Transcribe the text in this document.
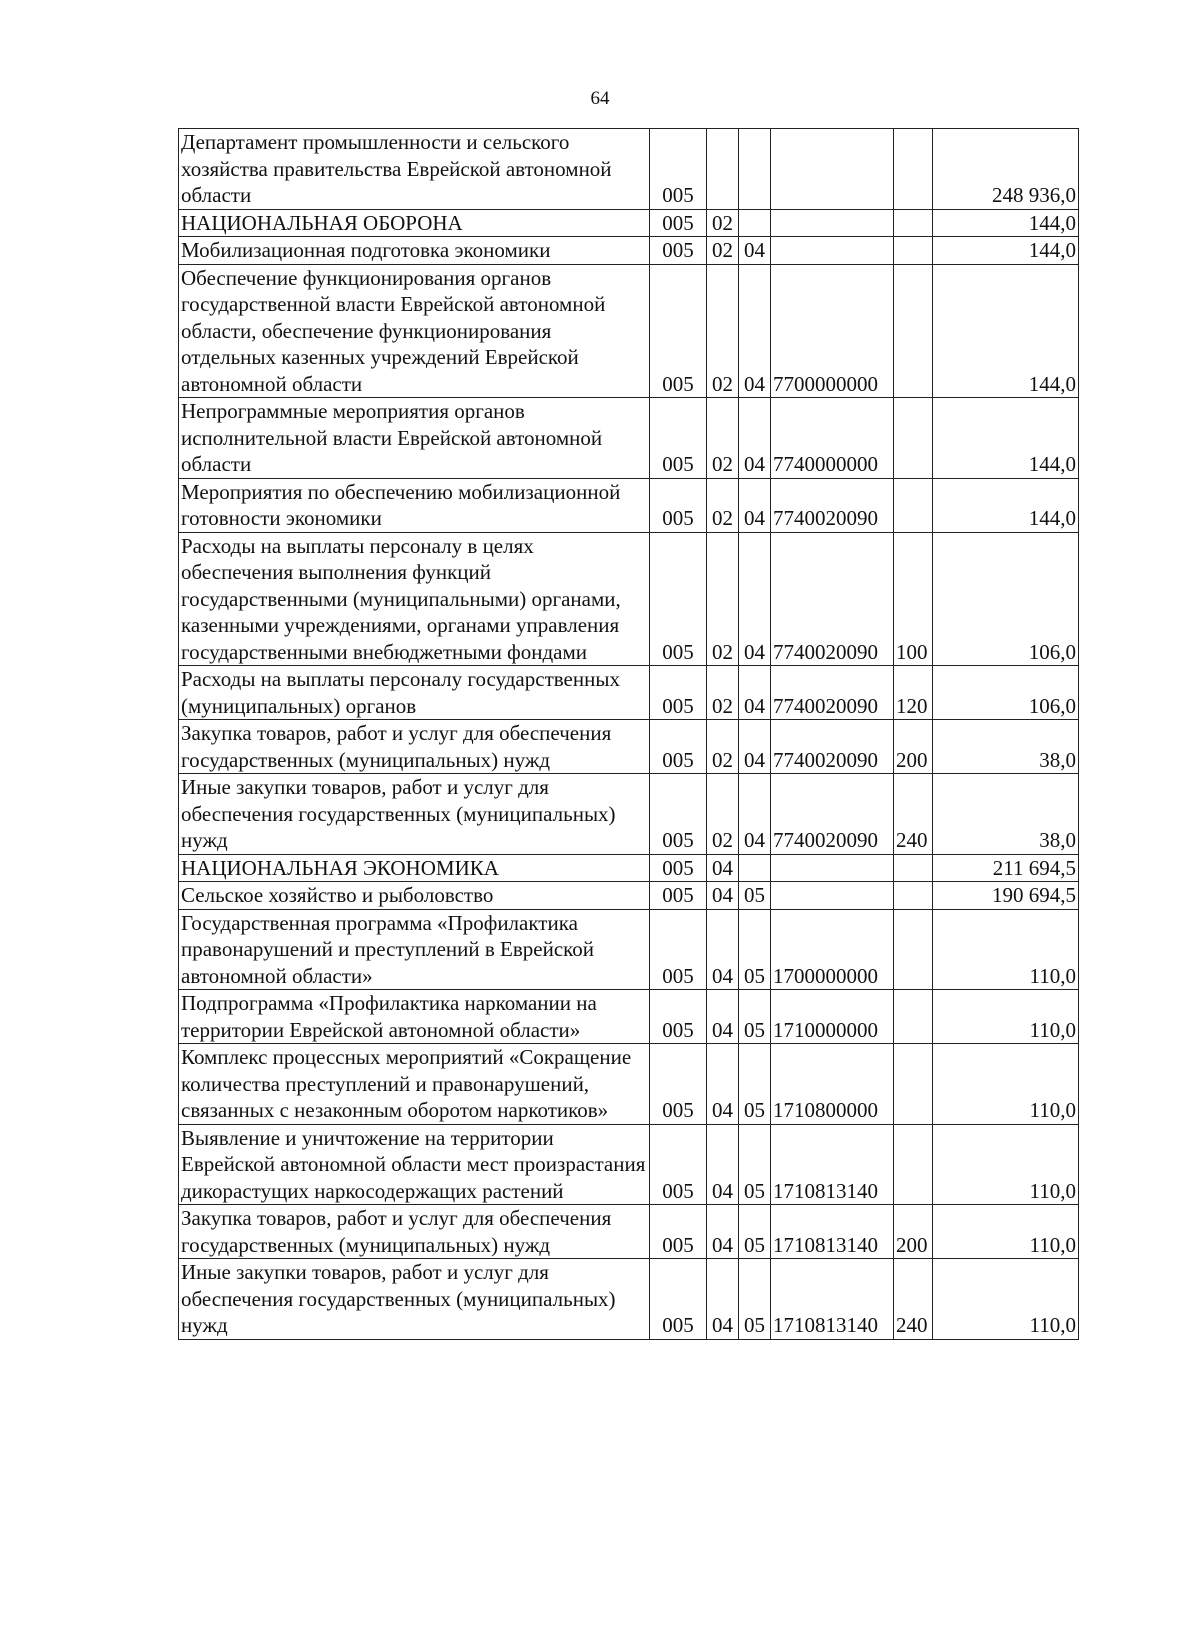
64
Департамент промышленности и сельского хозяйства правительства Еврейской автономной области	005					248 936,0
НАЦИОНАЛЬНАЯ ОБОРОНА	005	02				144,0
Мобилизационная подготовка экономики	005	02	04			144,0
Обеспечение функционирования органов государственной власти Еврейской автономной области, обеспечение функционирования отдельных казенных учреждений Еврейской автономной области	005	02	04	7700000000		144,0
Непрограммные мероприятия органов исполнительной власти Еврейской автономной области	005	02	04	7740000000		144,0
Мероприятия по обеспечению мобилизационной готовности экономики	005	02	04	7740020090		144,0
Расходы на выплаты персоналу в целях обеспечения выполнения функций государственными (муниципальными) органами, казенными учреждениями, органами управления государственными внебюджетными фондами	005	02	04	7740020090	100	106,0
Расходы на выплаты персоналу государственных (муниципальных) органов	005	02	04	7740020090	120	106,0
Закупка товаров, работ и услуг для обеспечения государственных (муниципальных) нужд	005	02	04	7740020090	200	38,0
Иные закупки товаров, работ и услуг для обеспечения государственных (муниципальных) нужд	005	02	04	7740020090	240	38,0
НАЦИОНАЛЬНАЯ ЭКОНОМИКА	005	04				211 694,5
Сельское хозяйство и рыболовство	005	04	05			190 694,5
Государственная программа «Профилактика правонарушений и преступлений в Еврейской автономной области»	005	04	05	1700000000		110,0
Подпрограмма «Профилактика наркомании на территории Еврейской автономной области»	005	04	05	1710000000		110,0
Комплекс процессных мероприятий «Сокращение количества преступлений и правонарушений, связанных с незаконным оборотом наркотиков»	005	04	05	1710800000		110,0
Выявление и уничтожение на территории Еврейской автономной области мест произрастания дикорастущих наркосодержащих растений	005	04	05	1710813140		110,0
Закупка товаров, работ и услуг для обеспечения государственных (муниципальных) нужд	005	04	05	1710813140	200	110,0
Иные закупки товаров, работ и услуг для обеспечения государственных (муниципальных) нужд	005	04	05	1710813140	240	110,0
